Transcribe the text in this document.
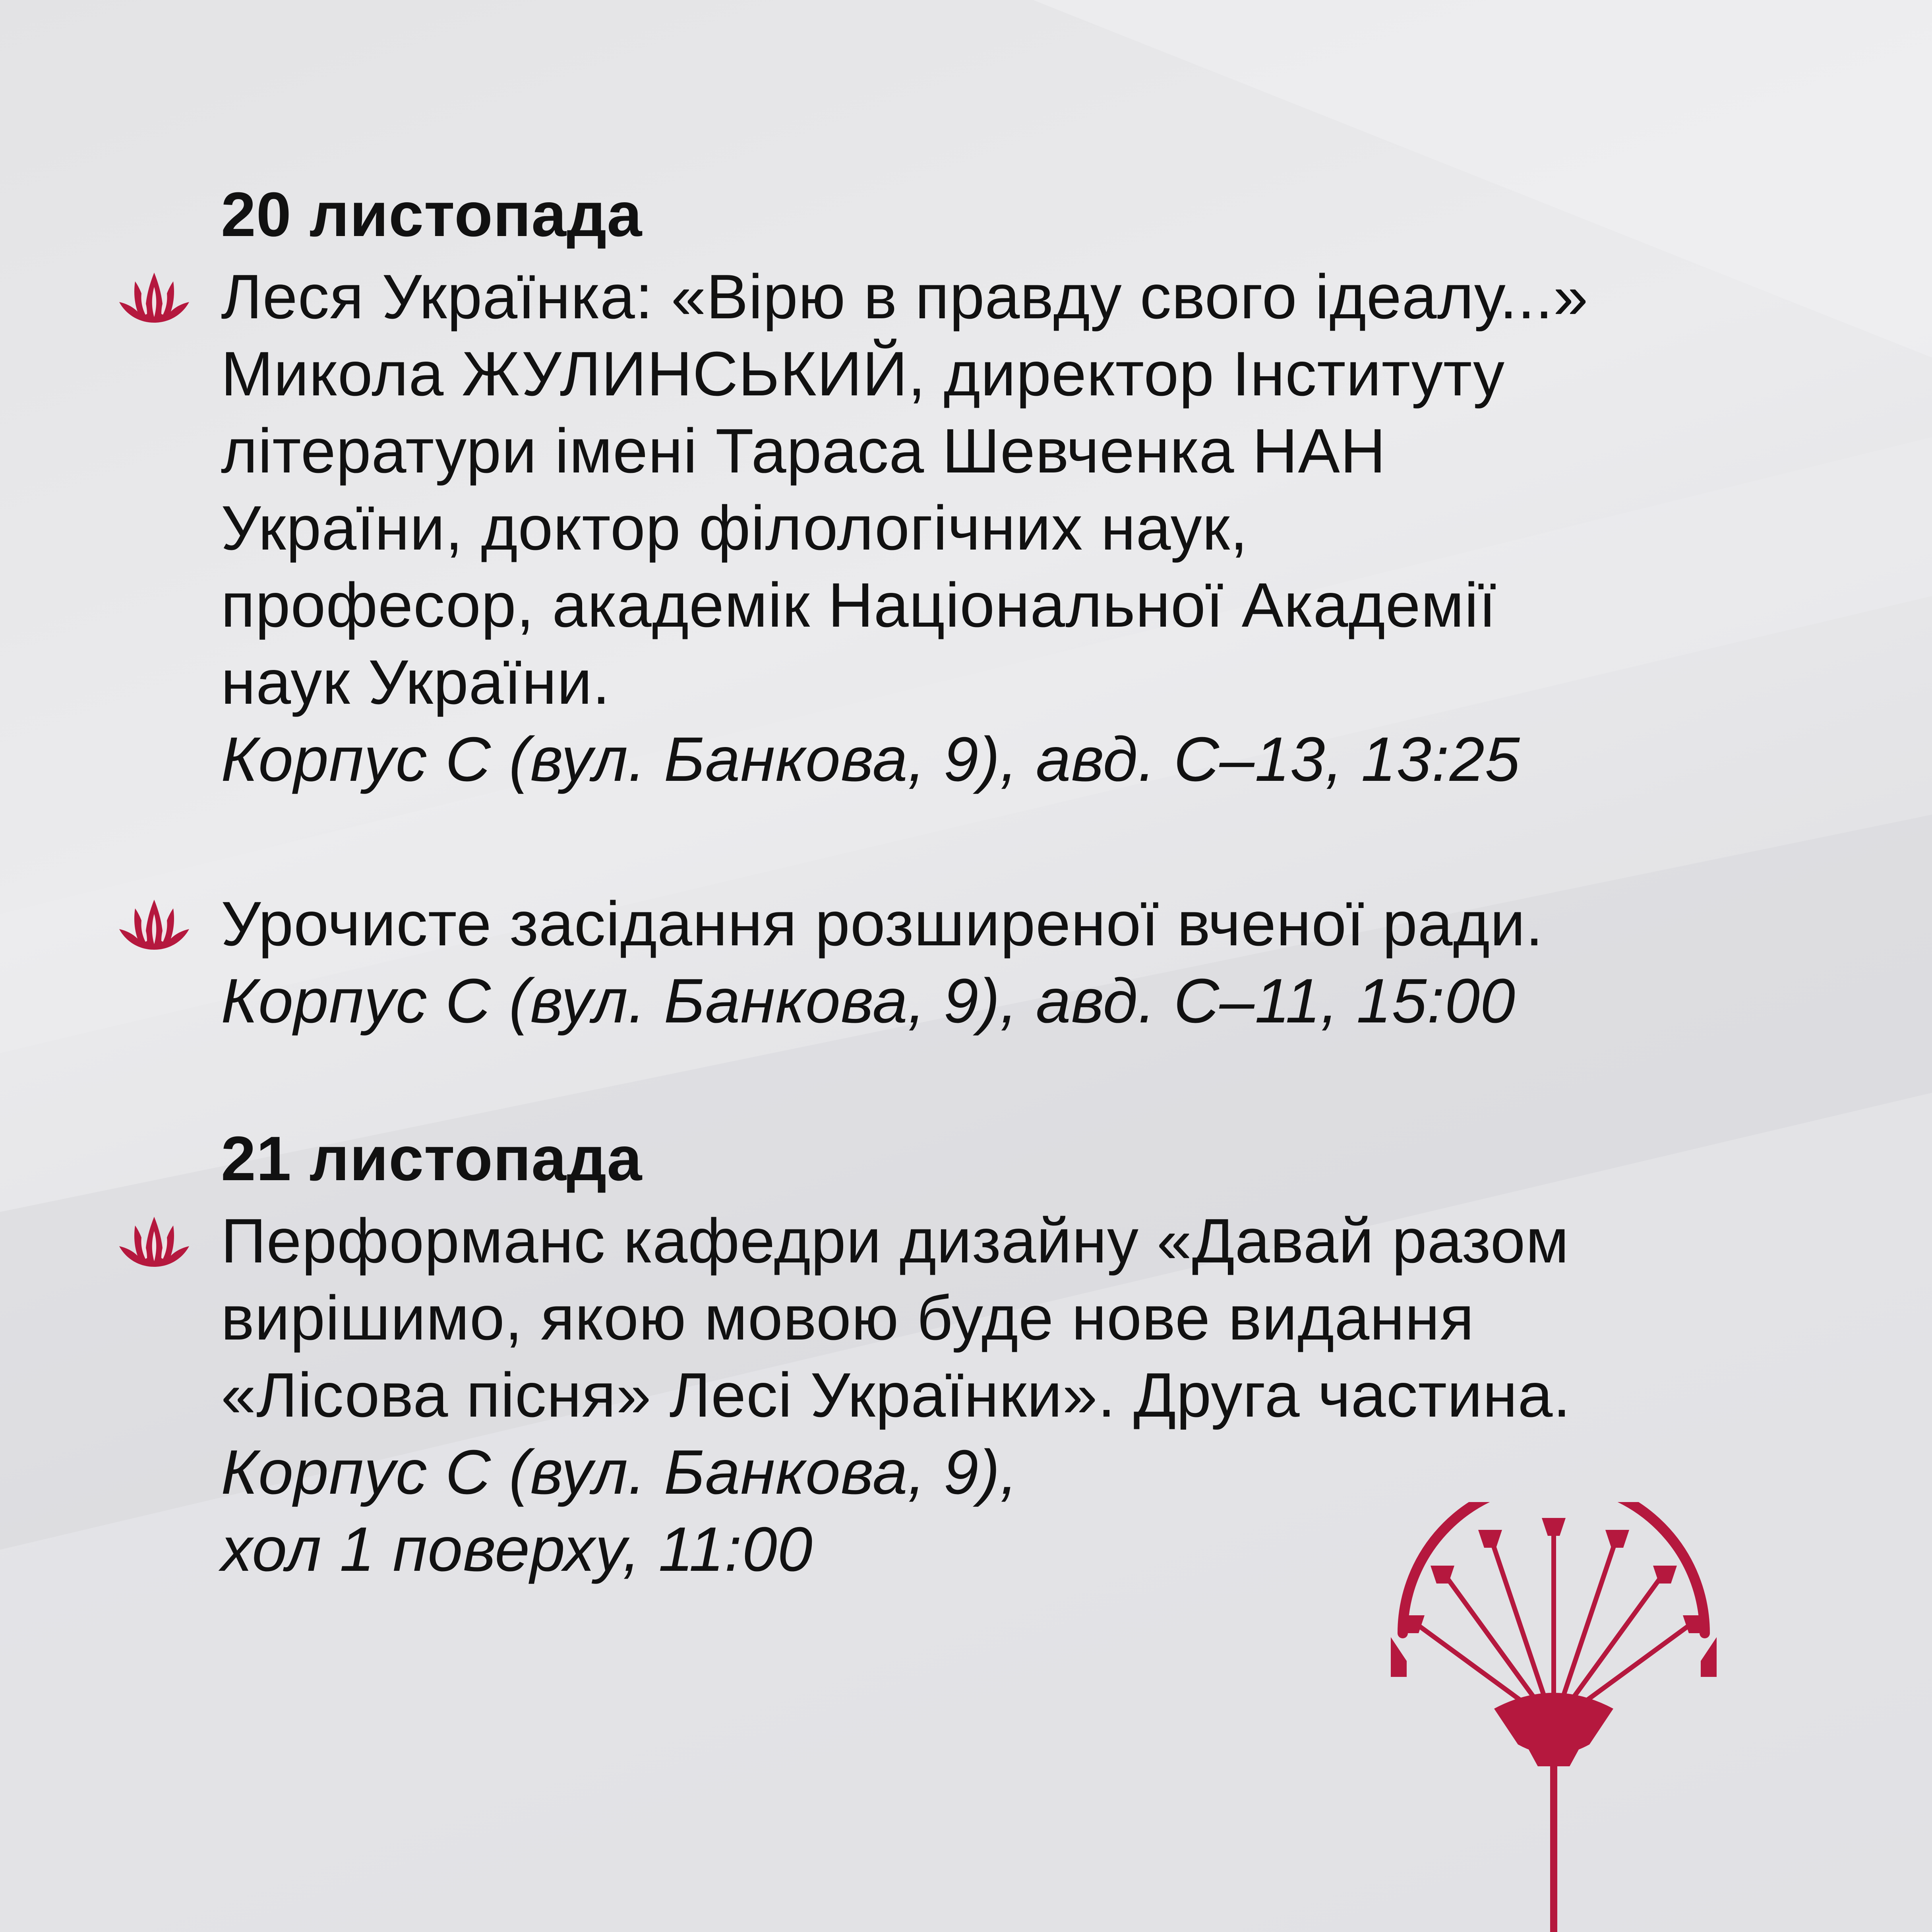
20 листопада

Леся Українка: «Вірю в правду свого ідеалу...»

Микола ЖУЛИНСЬКИЙ, директор Інституту

літератури імені Тараса Шевченка НАН

України, доктор філологічних наук,

професор, академік Національної Академії

наук України.

Корпус С (вул. Банкова, 9), авд. С–13, 13:25

Урочисте засідання розширеної вченої ради.

Корпус С (вул. Банкова, 9), авд. С–11, 15:00

21 листопада

Перформанс кафедри дизайну «Давай разом

вирішимо, якою мовою буде нове видання

«Лісова пісня» Лесі Українки». Друга частина.

Корпус С (вул. Банкова, 9),

хол 1 поверху, 11:00
